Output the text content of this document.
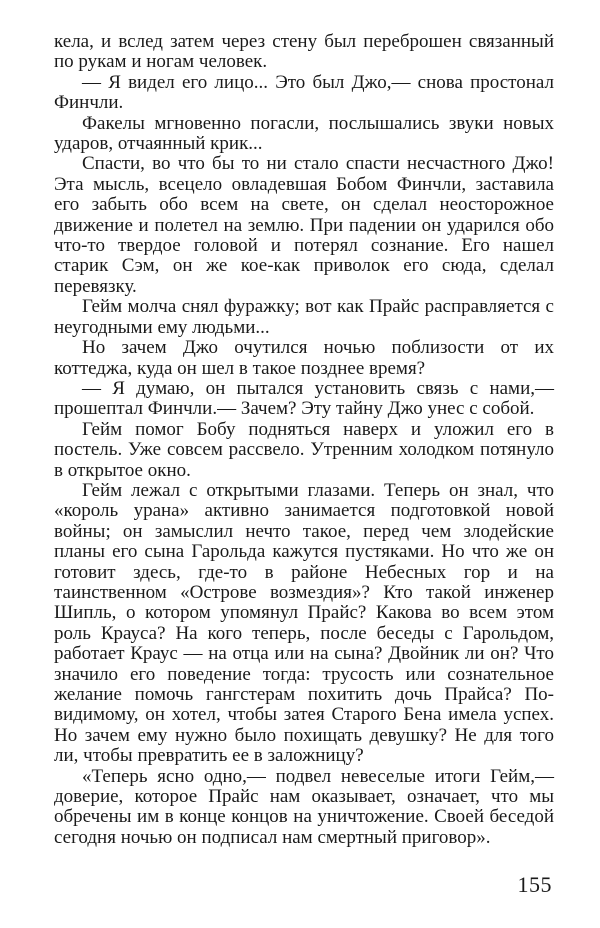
кела, и вслед затем через стену был переброшен связанный по рукам и ногам человек.

— Я видел его лицо... Это был Джо,— снова простонал Финчли.

Факелы мгновенно погасли, послышались звуки новых ударов, отчаянный крик...

Спасти, во что бы то ни стало спасти несчастного Джо! Эта мысль, всецело овладевшая Бобом Финчли, заставила его забыть обо всем на свете, он сделал неосторожное движение и полетел на землю. При падении он ударился обо что-то твердое головой и потерял сознание. Его нашел старик Сэм, он же кое-как приволок его сюда, сделал перевязку.

Гейм молча снял фуражку; вот как Прайс расправляется с неугодными ему людьми...

Но зачем Джо очутился ночью поблизости от их коттеджа, куда он шел в такое позднее время?

— Я думаю, он пытался установить связь с нами,— прошептал Финчли.— Зачем? Эту тайну Джо унес с собой.

Гейм помог Бобу подняться наверх и уложил его в постель. Уже совсем рассвело. Утренним холодком потянуло в открытое окно.

Гейм лежал с открытыми глазами. Теперь он знал, что «король урана» активно занимается подготовкой новой войны; он замыслил нечто такое, перед чем злодейские планы его сына Гарольда кажутся пустяками. Но что же он готовит здесь, где-то в районе Небесных гор и на таинственном «Острове возмездия»? Кто такой инженер Шипль, о котором упомянул Прайс? Какова во всем этом роль Крауса? На кого теперь, после беседы с Гарольдом, работает Краус — на отца или на сына? Двойник ли он? Что значило его поведение тогда: трусость или сознательное желание помочь гангстерам похитить дочь Прайса? По-видимому, он хотел, чтобы затея Старого Бена имела успех. Но зачем ему нужно было похищать девушку? Не для того ли, чтобы превратить ее в заложницу?

«Теперь ясно одно,— подвел невеселые итоги Гейм,— доверие, которое Прайс нам оказывает, означает, что мы обречены им в конце концов на уничтожение. Своей беседой сегодня ночью он подписал нам смертный приговор».

155
